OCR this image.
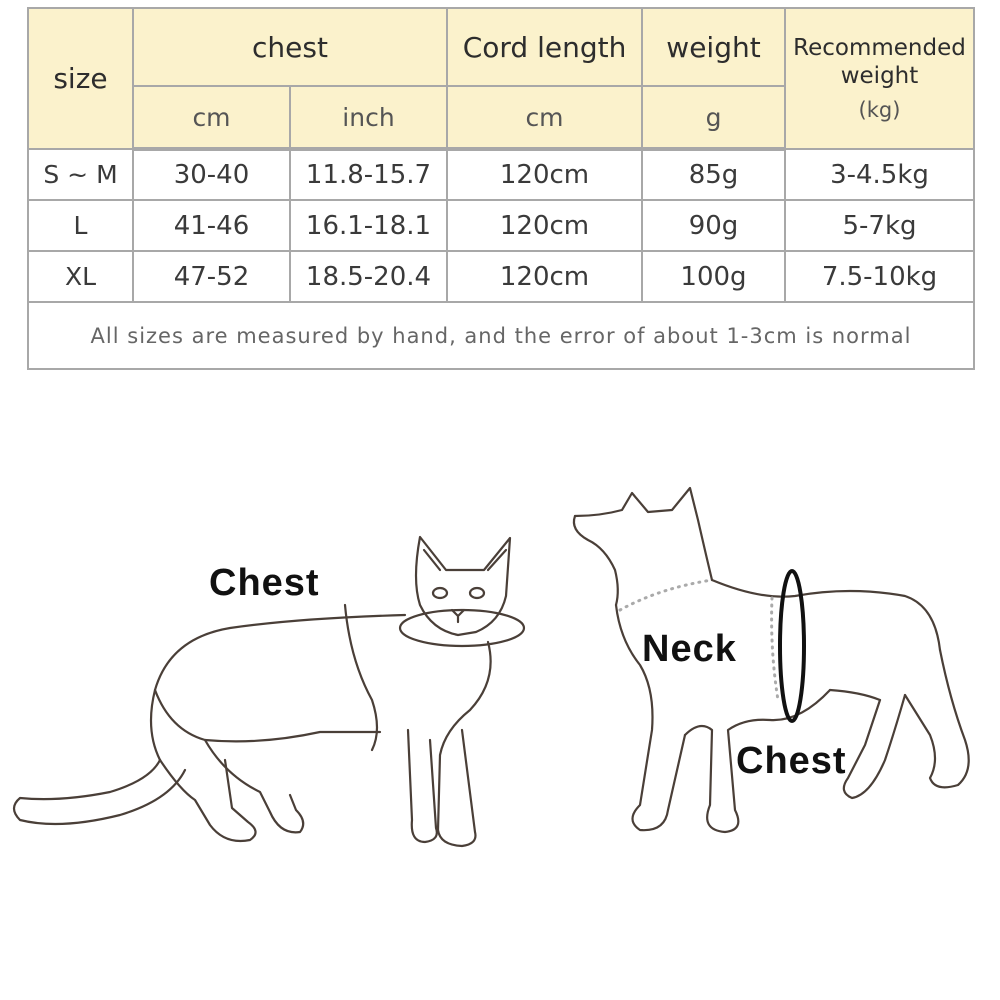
size	chest		Cord length	weight	Recommended weight
(kg)

	cm	inch	cm	g	
S ~ M	30-40	11.8-15.7	120cm	85g	3-4.5kg
L	41-46	16.1-18.1	120cm	90g	5-7kg
XL	47-52	18.5-20.4	120cm	100g	7.5-10kg
All sizes are measured by hand, and the error of about 1-3cm is normal					
Chest
Neck
Chest
